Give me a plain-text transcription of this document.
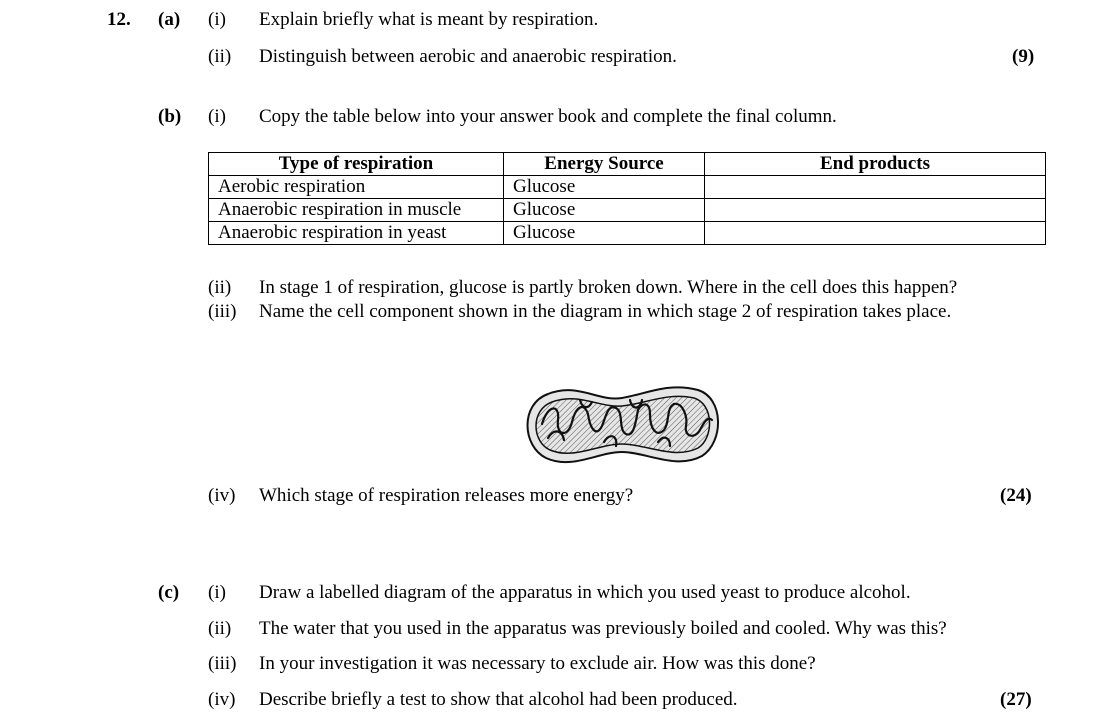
12. (a) (i) Explain briefly what is meant by respiration.
(ii) Distinguish between aerobic and anaerobic respiration.	(9)
(b) (i) Copy the table below into your answer book and complete the final column.
Type of respiration	Energy Source	End products
Aerobic respiration	Glucose	
Anaerobic respiration in muscle	Glucose	
Anaerobic respiration in yeast	Glucose	
(ii) In stage 1 of respiration, glucose is partly broken down. Where in the cell does this happen?
(iii) Name the cell component shown in the diagram in which stage 2 of respiration takes place.
(iv) Which stage of respiration releases more energy?	(24)
(c) (i) Draw a labelled diagram of the apparatus in which you used yeast to produce alcohol.
(ii) The water that you used in the apparatus was previously boiled and cooled. Why was this?
(iii) In your investigation it was necessary to exclude air. How was this done?
(iv) Describe briefly a test to show that alcohol had been produced.	(27)
